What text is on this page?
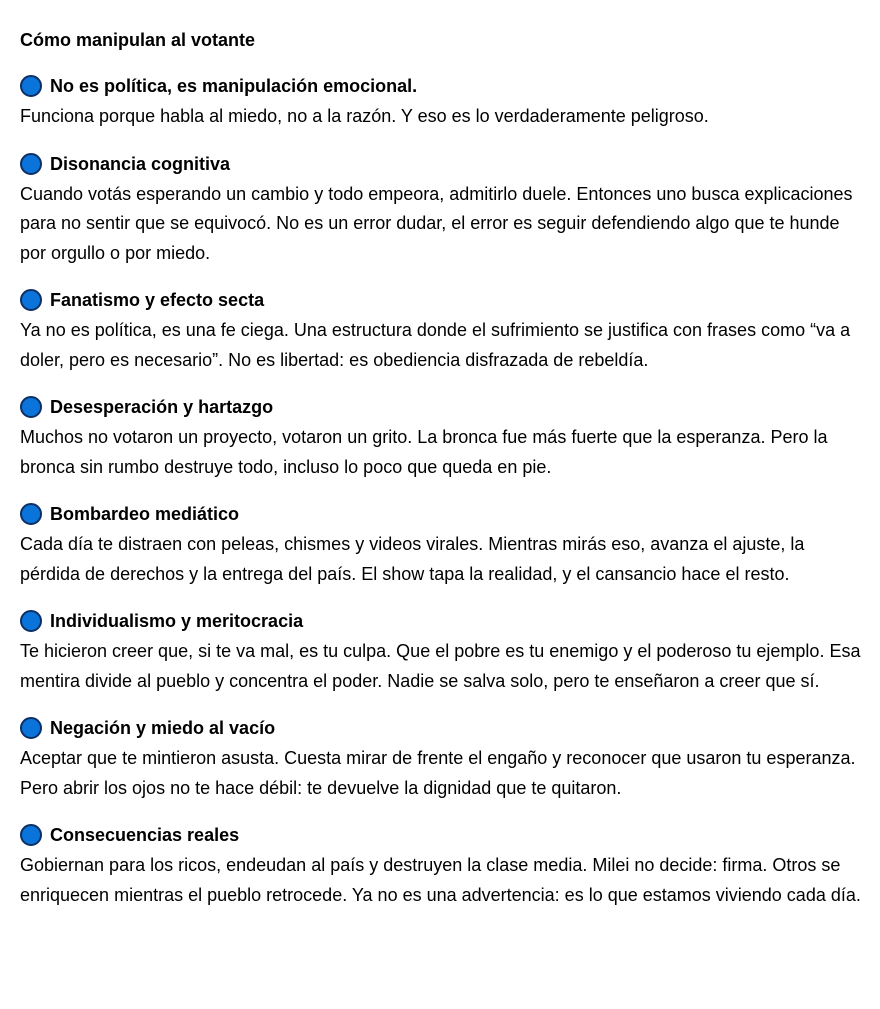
Cómo manipulan al votante
No es política, es manipulación emocional.

Funciona porque habla al miedo, no a la razón. Y eso es lo verdaderamente peligroso.

Disonancia cognitiva

Cuando votás esperando un cambio y todo empeora, admitirlo duele. Entonces uno busca explicaciones para no sentir que se equivocó. No es un error dudar, el error es seguir defendiendo algo que te hunde por orgullo o por miedo.

Fanatismo y efecto secta

Ya no es política, es una fe ciega. Una estructura donde el sufrimiento se justifica con frases como “va a doler, pero es necesario”. No es libertad: es obediencia disfrazada de rebeldía.

Desesperación y hartazgo

Muchos no votaron un proyecto, votaron un grito. La bronca fue más fuerte que la esperanza. Pero la bronca sin rumbo destruye todo, incluso lo poco que queda en pie.

Bombardeo mediático

Cada día te distraen con peleas, chismes y videos virales. Mientras mirás eso, avanza el ajuste, la pérdida de derechos y la entrega del país. El show tapa la realidad, y el cansancio hace el resto.

Individualismo y meritocracia

Te hicieron creer que, si te va mal, es tu culpa. Que el pobre es tu enemigo y el poderoso tu ejemplo. Esa mentira divide al pueblo y concentra el poder. Nadie se salva solo, pero te enseñaron a creer que sí.

Negación y miedo al vacío

Aceptar que te mintieron asusta. Cuesta mirar de frente el engaño y reconocer que usaron tu esperanza. Pero abrir los ojos no te hace débil: te devuelve la dignidad que te quitaron.

Consecuencias reales

Gobiernan para los ricos, endeudan al país y destruyen la clase media. Milei no decide: firma. Otros se enriquecen mientras el pueblo retrocede. Ya no es una advertencia: es lo que estamos viviendo cada día.
